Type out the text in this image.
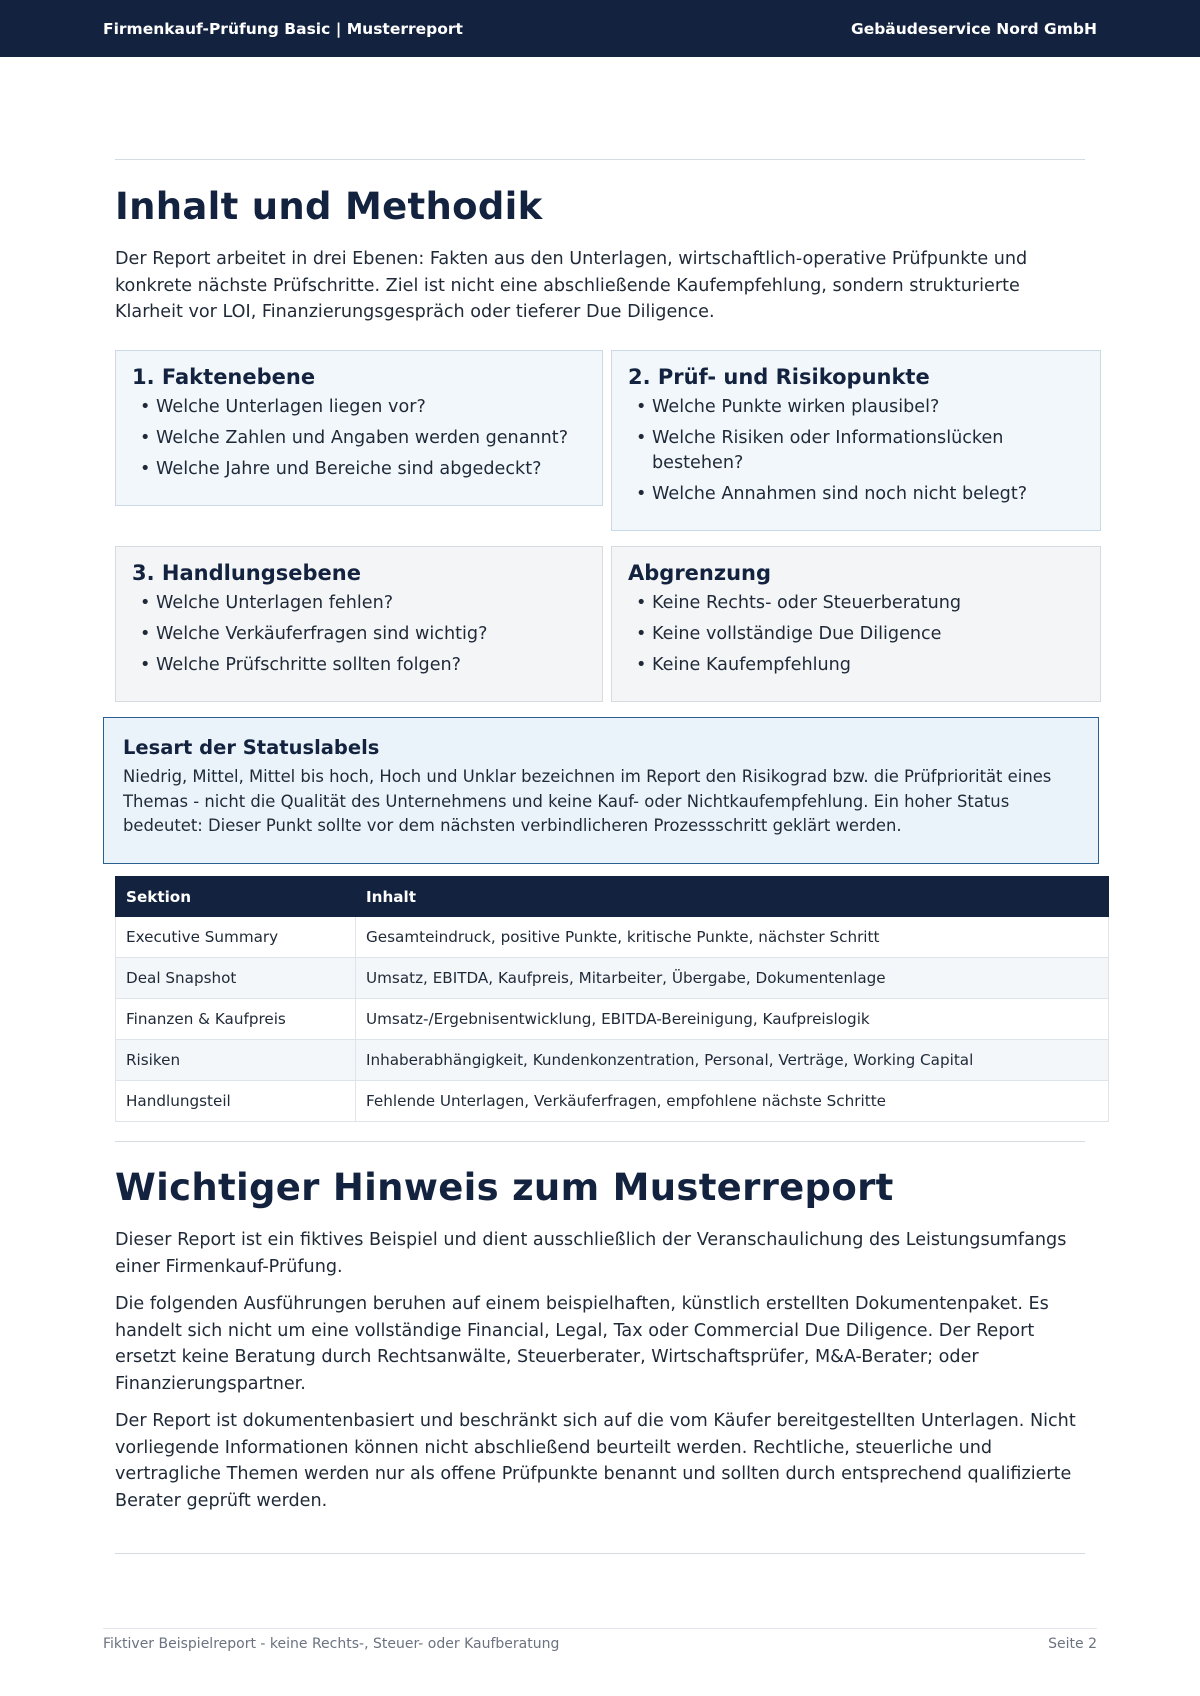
Firmenkauf-Prüfung Basic | Musterreport	Gebäudeservice Nord GmbH
Inhalt und Methodik

Der Report arbeitet in drei Ebenen: Fakten aus den Unterlagen, wirtschaftlich-operative Prüfpunkte und konkrete nächste Prüfschritte. Ziel ist nicht eine abschließende Kaufempfehlung, sondern strukturierte Klarheit vor LOI, Finanzierungsgespräch oder tieferer Due Diligence.

1. Faktenebene
• Welche Unterlagen liegen vor?
• Welche Zahlen und Angaben werden genannt?
• Welche Jahre und Bereiche sind abgedeckt?
2. Prüf- und Risikopunkte
• Welche Punkte wirken plausibel?
• Welche Risiken oder Informationslücken bestehen?
• Welche Annahmen sind noch nicht belegt?
3. Handlungsebene
• Welche Unterlagen fehlen?
• Welche Verkäuferfragen sind wichtig?
• Welche Prüfschritte sollten folgen?
Abgrenzung
• Keine Rechts- oder Steuerberatung
• Keine vollständige Due Diligence
• Keine Kaufempfehlung
Lesart der Statuslabels

Niedrig, Mittel, Mittel bis hoch, Hoch und Unklar bezeichnen im Report den Risikograd bzw. die Prüfpriorität eines Themas - nicht die Qualität des Unternehmens und keine Kauf- oder Nichtkaufempfehlung. Ein hoher Status bedeutet: Dieser Punkt sollte vor dem nächsten verbindlicheren Prozessschritt geklärt werden.

Sektion	Inhalt
Executive Summary	Gesamteindruck, positive Punkte, kritische Punkte, nächster Schritt
Deal Snapshot	Umsatz, EBITDA, Kaufpreis, Mitarbeiter, Übergabe, Dokumentenlage
Finanzen & Kaufpreis	Umsatz-/Ergebnisentwicklung, EBITDA-Bereinigung, Kaufpreislogik
Risiken	Inhaberabhängigkeit, Kundenkonzentration, Personal, Verträge, Working Capital
Handlungsteil	Fehlende Unterlagen, Verkäuferfragen, empfohlene nächste Schritte
Wichtiger Hinweis zum Musterreport

Dieser Report ist ein fiktives Beispiel und dient ausschließlich der Veranschaulichung des Leistungsumfangs einer Firmenkauf-Prüfung.

Die folgenden Ausführungen beruhen auf einem beispielhaften, künstlich erstellten Dokumentenpaket. Es handelt sich nicht um eine vollständige Financial, Legal, Tax oder Commercial Due Diligence. Der Report ersetzt keine Beratung durch Rechtsanwälte, Steuerberater, Wirtschaftsprüfer, M&A-Berater; oder Finanzierungspartner.

Der Report ist dokumentenbasiert und beschränkt sich auf die vom Käufer bereitgestellten Unterlagen. Nicht vorliegende Informationen können nicht abschließend beurteilt werden. Rechtliche, steuerliche und vertragliche Themen werden nur als offene Prüfpunkte benannt und sollten durch entsprechend qualifizierte Berater geprüft werden.

Fiktiver Beispielreport - keine Rechts-, Steuer- oder Kaufberatung	Seite 2
